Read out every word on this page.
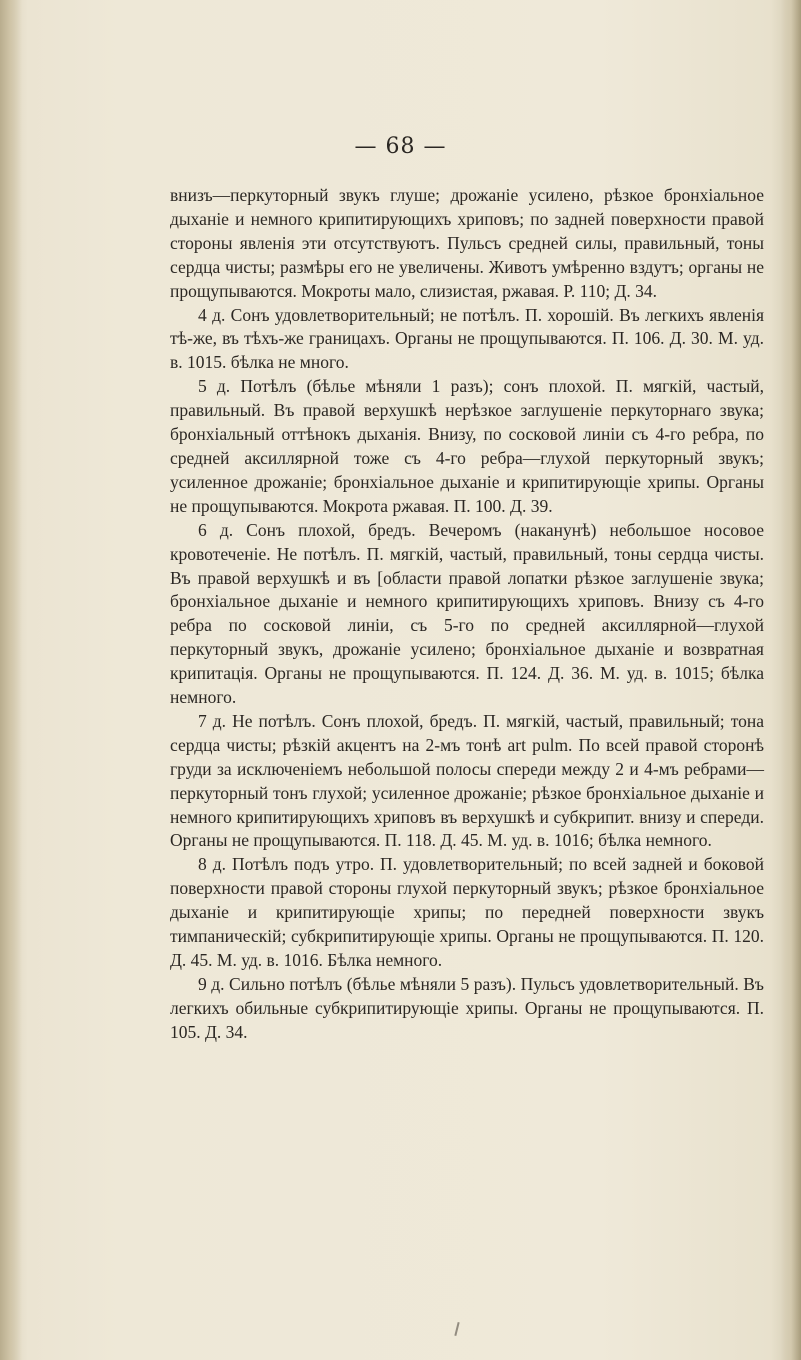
— 68 —

внизъ—перкуторный звукъ глуше; дрожаніе усилено, рѣзкое бронхіальное дыханіе и немного крипитирующихъ хриповъ; по задней поверхности правой стороны явленія эти отсутствуютъ. Пульсъ средней силы, правильный, тоны сердца чисты; размѣры его не увеличены. Животъ умѣренно вздутъ; органы не прощупываются. Мокроты мало, слизистая, ржавая. Р. 110; Д. 34.

4 д. Сонъ удовлетворительный; не потѣлъ. П. хорошій. Въ легкихъ явленія тѣ-же, въ тѣхъ-же границахъ. Органы не прощупываются. П. 106. Д. 30. М. уд. в. 1015. бѣлка не много.

5 д. Потѣлъ (бѣлье мѣняли 1 разъ); сонъ плохой. П. мягкій, частый, правильный. Въ правой верхушкѣ нерѣзкое заглушеніе перкуторнаго звука; бронхіальный оттѣнокъ дыханія. Внизу, по сосковой линіи съ 4-го ребра, по средней аксиллярной тоже съ 4-го ребра—глухой перкуторный звукъ; усиленное дрожаніе; бронхіальное дыханіе и крипитирующіе хрипы. Органы не прощупываются. Мокрота ржавая. П. 100. Д. 39.

6 д. Сонъ плохой, бредъ. Вечеромъ (наканунѣ) небольшое носовое кровотеченіе. Не потѣлъ. П. мягкій, частый, правильный, тоны сердца чисты. Въ правой верхушкѣ и въ [области правой лопатки рѣзкое заглушеніе звука; бронхіальное дыханіе и немного крипитирующихъ хриповъ. Внизу съ 4-го ребра по сосковой линіи, съ 5-го по средней аксиллярной—глухой перкуторный звукъ, дрожаніе усилено; бронхіальное дыханіе и возвратная крипитація. Органы не прощупываются. П. 124. Д. 36. М. уд. в. 1015; бѣлка немного.

7 д. Не потѣлъ. Сонъ плохой, бредъ. П. мягкій, частый, правильный; тона сердца чисты; рѣзкій акцентъ на 2-мъ тонѣ art pulm. По всей правой сторонѣ груди за исключеніемъ небольшой полосы спереди между 2 и 4-мъ ребрами—перкуторный тонъ глухой; усиленное дрожаніе; рѣзкое бронхіальное дыханіе и немного крипитирующихъ хриповъ въ верхушкѣ и субкрипит. внизу и спереди. Органы не прощупываются. П. 118. Д. 45. М. уд. в. 1016; бѣлка немного.

8 д. Потѣлъ подъ утро. П. удовлетворительный; по всей задней и боковой поверхности правой стороны глухой перкуторный звукъ; рѣзкое бронхіальное дыханіе и крипитирующіе хрипы; по передней поверхности звукъ тимпаническій; субкрипитирующіе хрипы. Органы не прощупываются. П. 120. Д. 45. М. уд. в. 1016. Бѣлка немного.

9 д. Сильно потѣлъ (бѣлье мѣняли 5 разъ). Пульсъ удовлетворительный. Въ легкихъ обильные субкрипитирующіе хрипы. Органы не прощупываются. П. 105. Д. 34.
